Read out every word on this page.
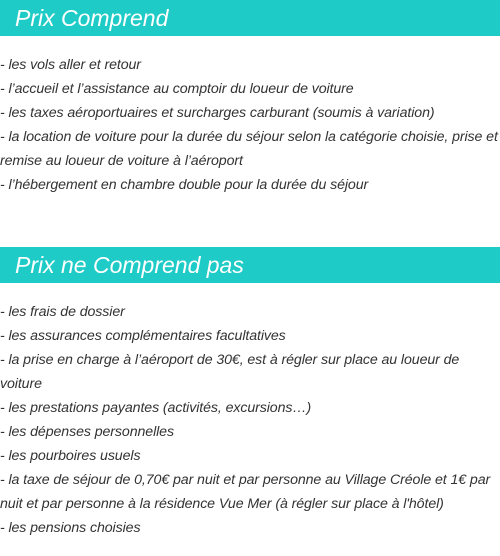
Prix Comprend
- les vols aller et retour
- l’accueil et l’assistance au comptoir du loueur de voiture
- les taxes aéroportuaires et surcharges carburant (soumis à variation)
- la location de voiture pour la durée du séjour selon la catégorie choisie, prise et remise au loueur de voiture à l’aéroport
- l’hébergement en chambre double pour la durée du séjour
Prix ne Comprend pas
- les frais de dossier
- les assurances complémentaires facultatives
- la prise en charge à l’aéroport de 30€, est à régler sur place au loueur de voiture
- les prestations payantes (activités, excursions…)
- les dépenses personnelles
- les pourboires usuels
- la taxe de séjour de 0,70€ par nuit et par personne au Village Créole et 1€ par nuit et par personne à la résidence Vue Mer (à régler sur place à l'hôtel)
- les pensions choisies
